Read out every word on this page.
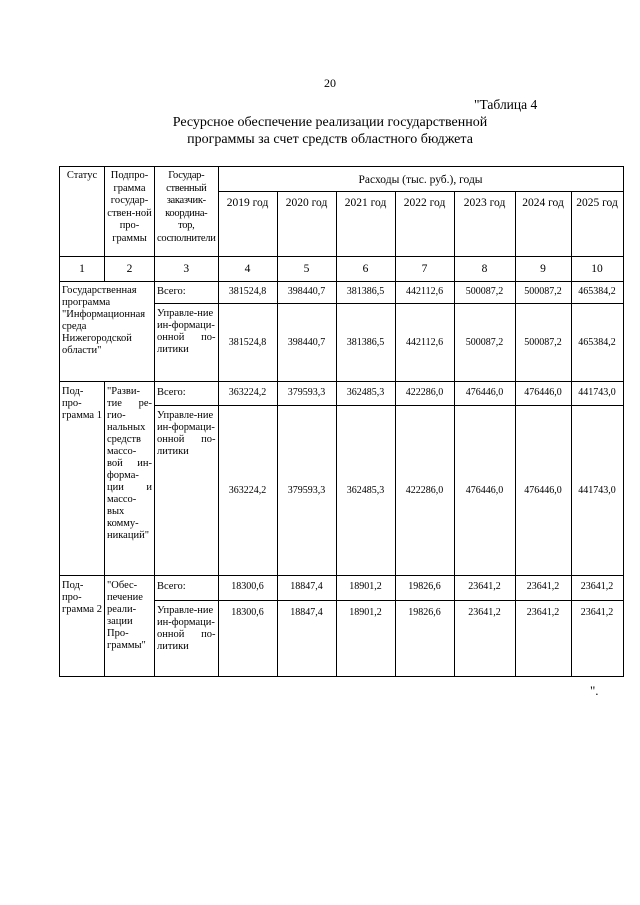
20
"Таблица 4
Ресурсное обеспечение реализации государственной
программы за счет средств областного бюджета
Статус	Подпро-грамма государ-ствен-ной про-граммы	Государ-ственный заказчик-координа-тор, сосполнители	Расходы (тыс. руб.), годы						
			2019 год	2020 год	2021 год	2022 год	2023 год	2024 год	2025 год
1	2	3	4	5	6	7	8	9	10
Государственная программа "Информационная среда Нижегородской области"		Всего:	381524,8	398440,7	381386,5	442112,6	500087,2	500087,2	465384,2
		Управле-ние ин-формаци-онной по-литики	381524,8	398440,7	381386,5	442112,6	500087,2	500087,2	465384,2
Под-про-грамма 1	"Разви-тие ре-гио-нальных средств массо-вой ин-форма-ции и массо-вых комму-никаций"	Всего:	363224,2	379593,3	362485,3	422286,0	476446,0	476446,0	441743,0
		Управле-ние ин-формаци-онной по-литики	363224,2	379593,3	362485,3	422286,0	476446,0	476446,0	441743,0
Под-про-грамма 2	"Обес-печение реали-зации Про-граммы"	Всего:	18300,6	18847,4	18901,2	19826,6	23641,2	23641,2	23641,2
		Управле-ние ин-формаци-онной по-литики	18300,6	18847,4	18901,2	19826,6	23641,2	23641,2	23641,2
".
